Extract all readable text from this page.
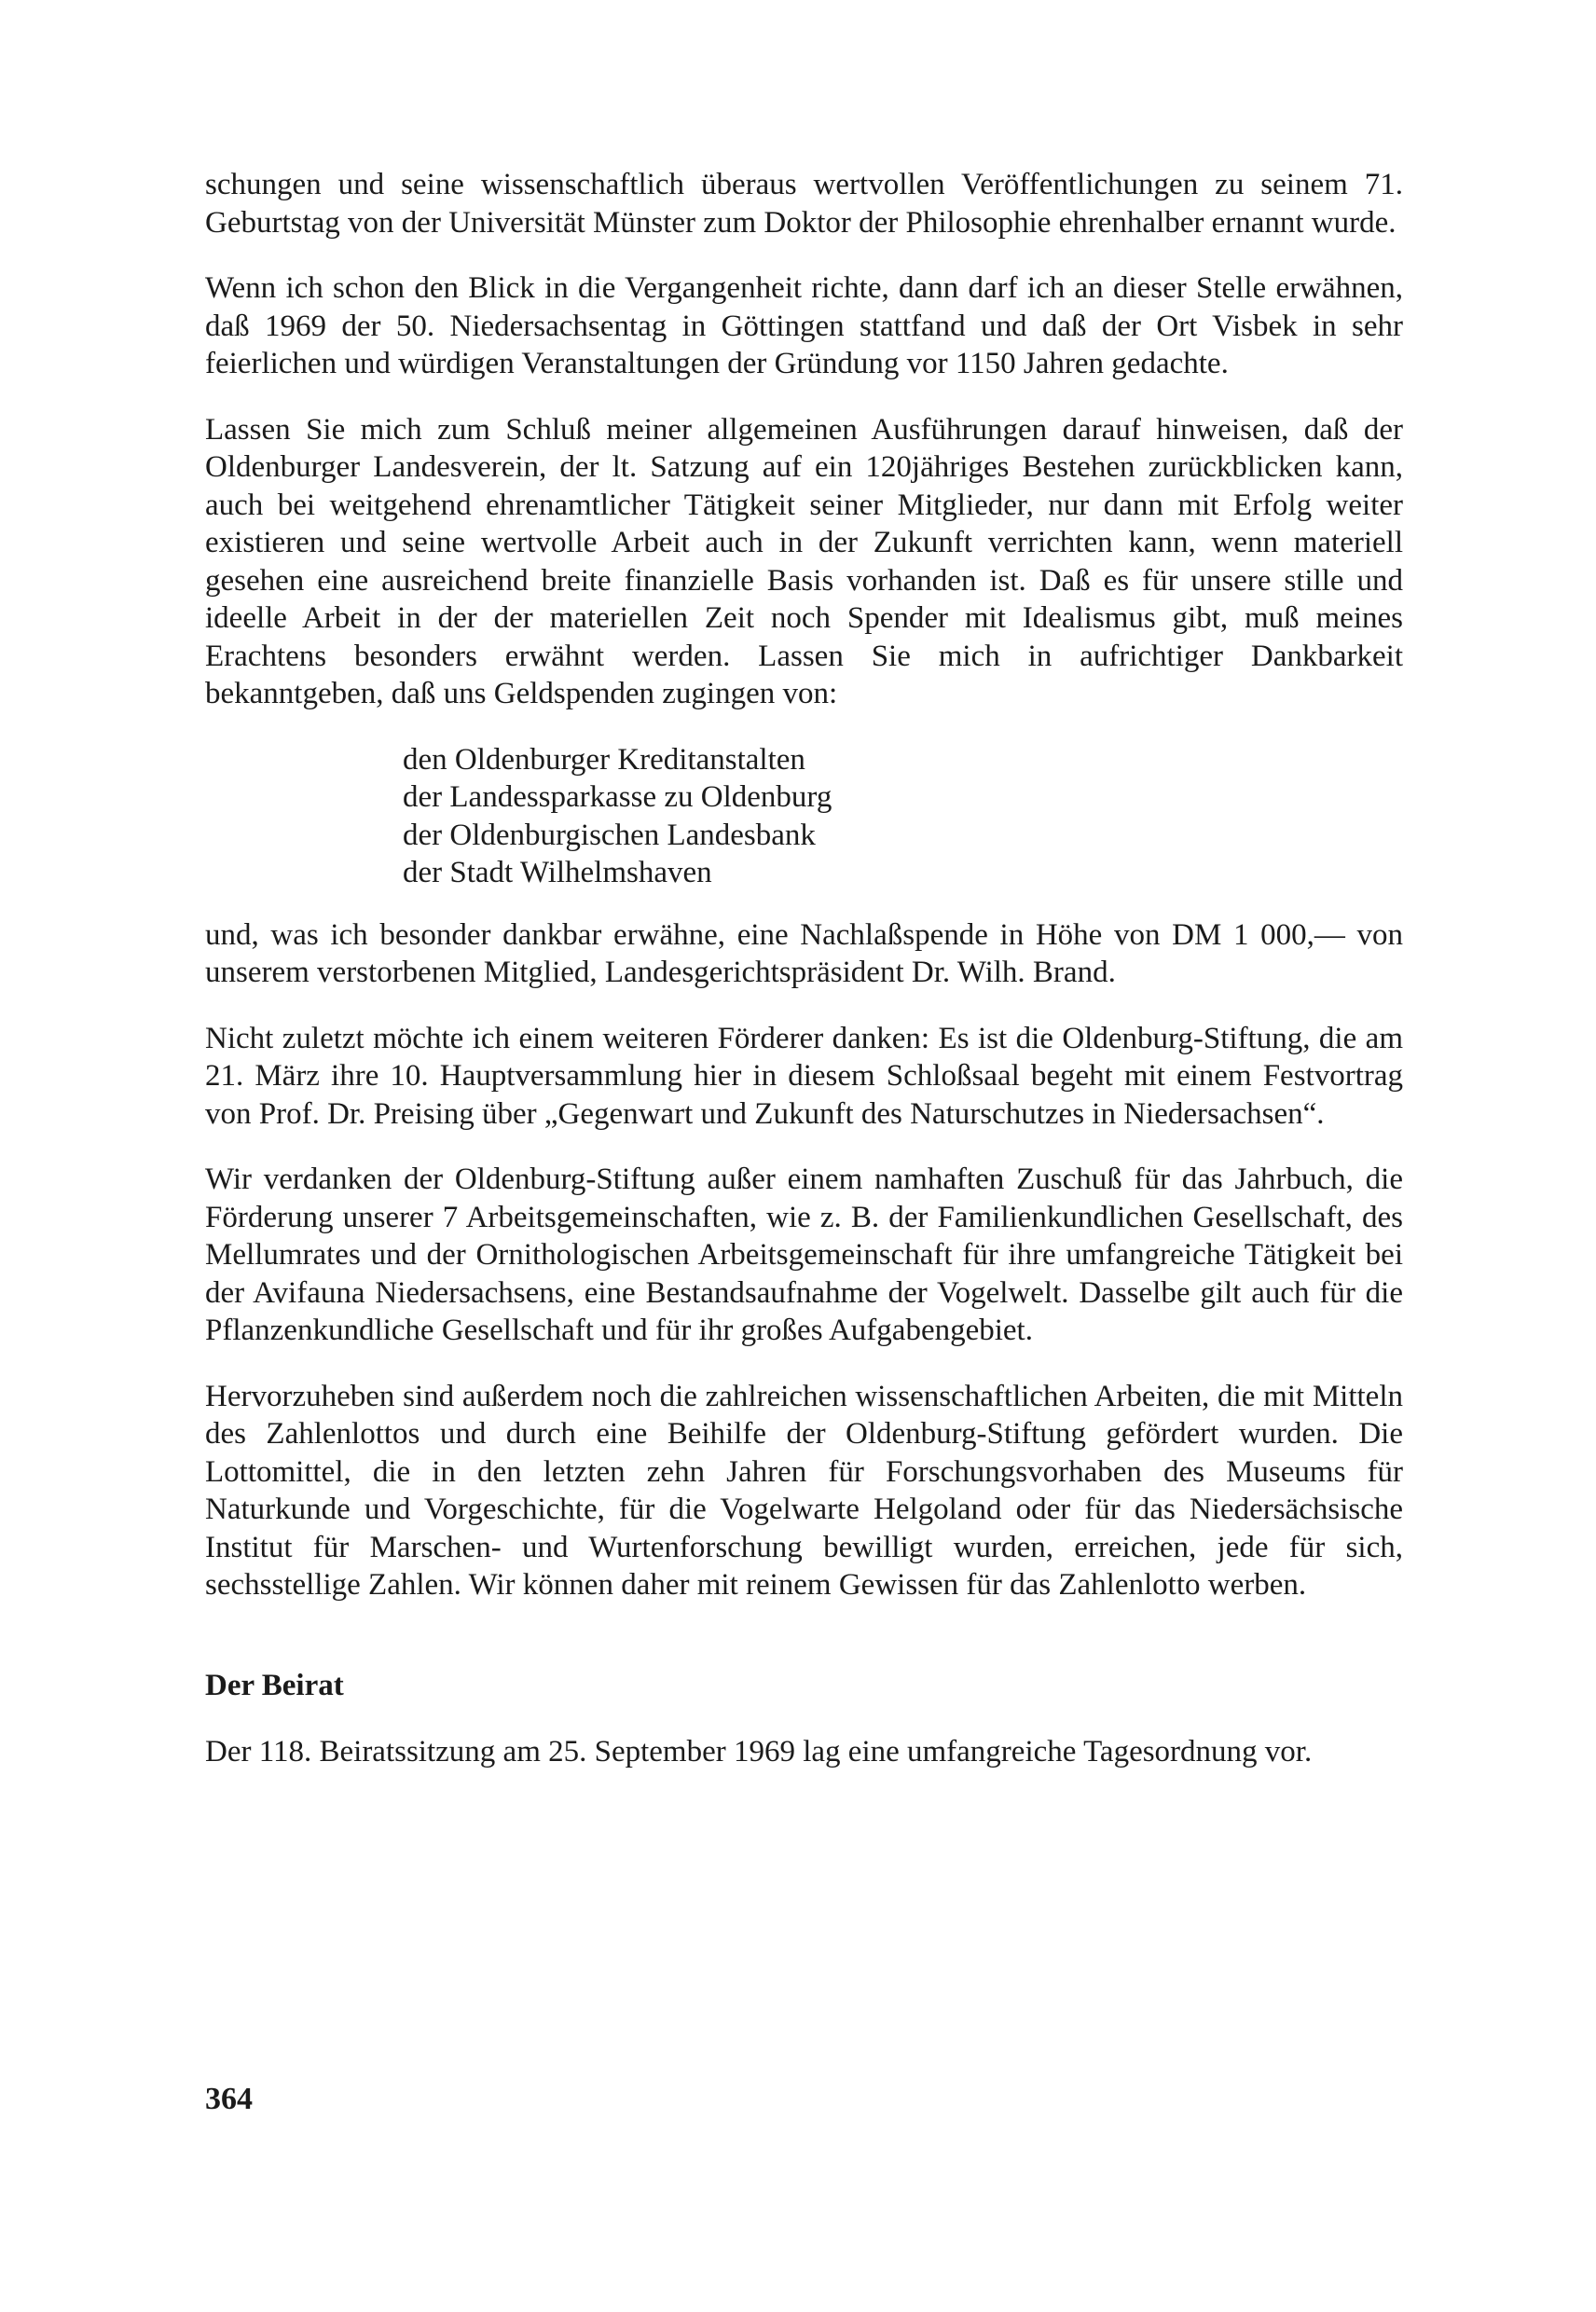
schungen und seine wissenschaftlich überaus wertvollen Veröffentlichungen zu seinem 71. Geburtstag von der Universität Münster zum Doktor der Philosophie ehrenhalber ernannt wurde.

Wenn ich schon den Blick in die Vergangenheit richte, dann darf ich an dieser Stelle erwähnen, daß 1969 der 50. Niedersachsentag in Göttingen stattfand und daß der Ort Visbek in sehr feierlichen und würdigen Veranstaltungen der Gründung vor 1150 Jahren gedachte.

Lassen Sie mich zum Schluß meiner allgemeinen Ausführungen darauf hinweisen, daß der Oldenburger Landesverein, der lt. Satzung auf ein 120jähriges Bestehen zurückblicken kann, auch bei weitgehend ehrenamtlicher Tätigkeit seiner Mitglieder, nur dann mit Erfolg weiter existieren und seine wertvolle Arbeit auch in der Zukunft verrichten kann, wenn materiell gesehen eine ausreichend breite finanzielle Basis vorhanden ist. Daß es für unsere stille und ideelle Arbeit in der der materiellen Zeit noch Spender mit Idealismus gibt, muß meines Erachtens besonders erwähnt werden. Lassen Sie mich in aufrichtiger Dankbarkeit bekanntgeben, daß uns Geldspenden zugingen von:

den Oldenburger Kreditanstalten
der Landessparkasse zu Oldenburg
der Oldenburgischen Landesbank
der Stadt Wilhelmshaven

und, was ich besonder dankbar erwähne, eine Nachlaßspende in Höhe von DM 1 000,— von unserem verstorbenen Mitglied, Landesgerichtspräsident Dr. Wilh. Brand.

Nicht zuletzt möchte ich einem weiteren Förderer danken: Es ist die Oldenburg-Stiftung, die am 21. März ihre 10. Hauptversammlung hier in diesem Schloßsaal begeht mit einem Festvortrag von Prof. Dr. Preising über „Gegenwart und Zukunft des Naturschutzes in Niedersachsen“.

Wir verdanken der Oldenburg-Stiftung außer einem namhaften Zuschuß für das Jahrbuch, die Förderung unserer 7 Arbeitsgemeinschaften, wie z. B. der Familienkundlichen Gesellschaft, des Mellumrates und der Ornithologischen Arbeitsgemeinschaft für ihre umfangreiche Tätigkeit bei der Avifauna Niedersachsens, eine Bestandsaufnahme der Vogelwelt. Dasselbe gilt auch für die Pflanzenkundliche Gesellschaft und für ihr großes Aufgabengebiet.

Hervorzuheben sind außerdem noch die zahlreichen wissenschaftlichen Arbeiten, die mit Mitteln des Zahlenlottos und durch eine Beihilfe der Oldenburg-Stiftung gefördert wurden. Die Lottomittel, die in den letzten zehn Jahren für Forschungsvorhaben des Museums für Naturkunde und Vorgeschichte, für die Vogelwarte Helgoland oder für das Niedersächsische Institut für Marschen- und Wurtenforschung bewilligt wurden, erreichen, jede für sich, sechsstellige Zahlen. Wir können daher mit reinem Gewissen für das Zahlenlotto werben.

Der Beirat

Der 118. Beiratssitzung am 25. September 1969 lag eine umfangreiche Tagesordnung vor.

364
